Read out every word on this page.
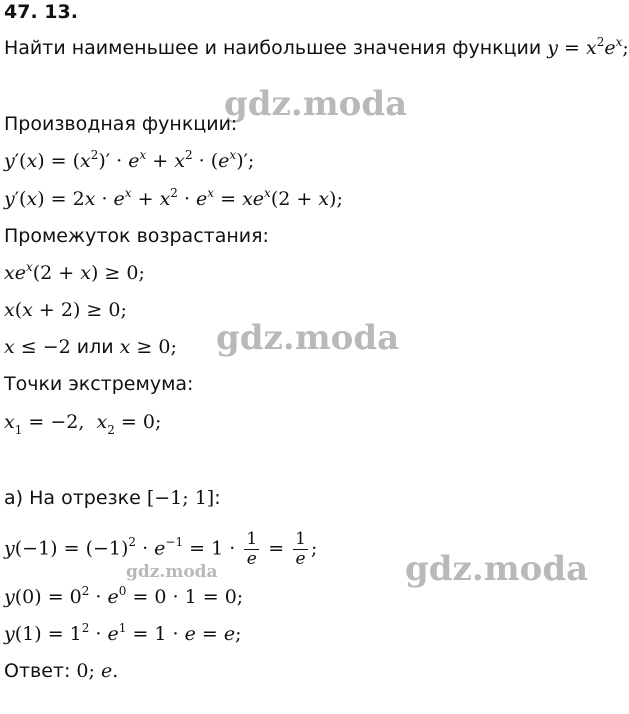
47. 13.
Найти наименьшее и наибольшее значения функции $y = x^2e^x$;
gdz.moda
Производная функции:
$y'(x) = (x^2)' \cdot e^x + x^2 \cdot (e^x)'$;
$y'(x) = 2x \cdot e^x + x^2 \cdot e^x = xe^x(2 + x)$;
Промежуток возрастания:
$xe^x(2 + x) \ge 0$;
x(x + 2) ≥ 0;
gdz.moda
x ≤ −2 или x ≥ 0;
Точки экстремума:
$x_1 = -2$,  $x_2 = 0$;
а) На отрезке [−1; 1]:
$y(-1) = (-1)^2 \cdot e^{-1} = 1 \cdot \frac{1}{e} = \frac{1}{e}$ ;
gdz.moda	gdz.moda
$y(0) = 0^2 \cdot e^0 = 0 \cdot 1 = 0$;
$y(1) = 1^2 \cdot e^1 = 1 \cdot e = e$;
Ответ: 0; e.
